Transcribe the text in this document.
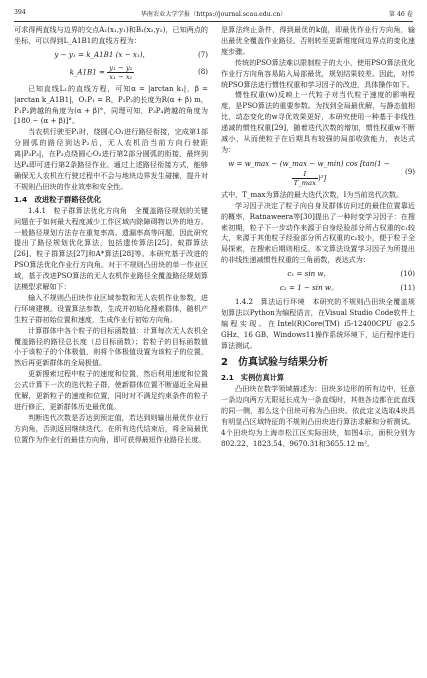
394	华南农业大学学报（https://journal.scau.edu.cn）	第 46 卷

可求得两直线与边界的交点A₁(x₁,y₁)和B₁(x₂,y₂)，已知两点的坐标，可以得到L_A1B1的直线方程为：

y − y₁ = k_A1B1 (x − x₁)，	(7)
k_A1B1 = $\frac{\text{y₁ − y₂}}{\text{x₁ − x₂}}$	(8)

已知直线L₁的直线方程，可知α = |arctan k₁|，β = |arctan k_A1B1|，O₁P₁ = R，P₁P₂的长度为R(α + β) m，P₁P₂跨越的角度为(α + β)°，同理可知，P₃P₄跨越的角度为[180 − (α + β)]°。

当农机行驶至P₁时，绕圆心O₁进行路径衔接，完成第1部分圆弧的路径到达P₂后，无人农机沿当前方向行驶距离|P₂P₃|，在P₃点绕圆心O₂进行第2部分圆弧的衔接，最终到达P₄即可进行第2条路径作业。通过上述路径衔接方式，能够确保无人农机在行驶过程中不会与地块边界发生碰撞，提升对不规则凸田块的作业效率和安全性。

1.4　改进粒子群路径优化

1.4.1　粒子群算法优化方向角　全覆盖路径规划的关键问题在于如何最大程度减少工作区域内除障碍物以外的地方。一般路径规划方法存在重复率高、遗漏率高等问题，因此研究提出了路径规划优化算法，包括遗传算法[25]、蚁群算法[26]、粒子群算法[27]和A*算法[28]等。本研究基于改进的PSO算法优化作业行方向角。对于不规则凸田块的单一作业区域，基于改进PSO算法的无人农机作业路径全覆盖路径规划算法模型求解如下：

输入不规则凸田块作业区域参数和无人农机作业参数，进行环境建模。设置算法参数，生成并初始化搜索群体，随机产生粒子群初始位置和速度，生成作业行初始方向角。

计算群体中各个粒子的目标函数值：计算每次无人农机全覆盖路径的路径总长度（总目标函数）；若粒子的目标函数值小于该粒子的个体极值，则将个体极值设置为该粒子的位置，然后再更新群体的全局极值。

更新搜索过程中粒子的速度和位置，然后利用速度和位置公式计算下一次的迭代粒子群，使新群体位置不断逼近全局最优解，更新粒子的速度和位置，同时对不满足约束条件的粒子进行修正，更新群体历史最优值。

判断迭代次数是否达到预定值，若达到则输出最优作业行方向角，否则返回继续迭代。在所有迭代结束后，将全局最优位置作为作业行的最佳方向角，即可获得最短作业路径长度。

是算法终止条件，得到最优的k值，即最优作业行方向角，输出最优全覆盖作业路径。否则转至更新维度间边界点的变化速度步骤。

传统的PSO算法难以限制粒子的大小，使用PSO算法优化作业行方向角容易陷入局部最优，规划结果较差。因此，对传统PSO算法进行惯性权重和学习因子的改进，具体操作如下。

惯性权重(w)反映上一代粒子对当代粒子速度的影响程度，是PSO算法的重要参数。为找到全局最优解，与静态值相比，动态变化的w寻优效果更好，本研究使用一种基于非线性递减的惯性权重[29]，随着迭代次数的增加，惯性权重w不断减小，从而使粒子在后期具有较强的局部收敛能力，表达式为：

w = w_max − (w_max − w_min) cos [tan(1 −
$\frac{I}{T\_\max} )^2$]
(9)

式中，T_max为算法的最大迭代次数，I为当前迭代次数。

学习因子决定了粒子向自身及群体访问过的最佳位置靠近的概率，Ratnaweera等[30]提出了一种时变学习因子：在搜索初期，粒子下一步动作来源于自身经验部分所占权重的c₁较大，来源于其他粒子经验部分所占权重的c₂较小，便于粒子全局探索，在搜索后期则相反。本文算法设置学习因子为所提出的非线性递减惯性权重的三角函数，表达式为：

c₁ = sin w，	(10)
c₂ = 1 − sin w。	(11)

1.4.2　算法运行环境　本研究的不规则凸田块全覆盖规划算法以Python为编程语言，在Visual Studio Code软件上编程实现。在Intel(R)Core(TM) i5-12400CPU @2.5 GHz、16 GB、Windows11操作系统环境下，运行程序进行算法测试。

2　仿真试验与结果分析
2.1　实例仿真计算

凸田块在数学领域描述为：田块多边形的所有边中，任意一条边向两方无限延长成为一条直线时，其他各边都在此直线的同一侧，那么这个田块可称为凸田块。依此定义选取4块具有明显凸区域特征的不规则凸田块进行算法求解和分析测试。4个田块均为上海市松江区实际田块，如图4示，面积分别为802.22、1823.54、9670.31和3655.12 m²。
